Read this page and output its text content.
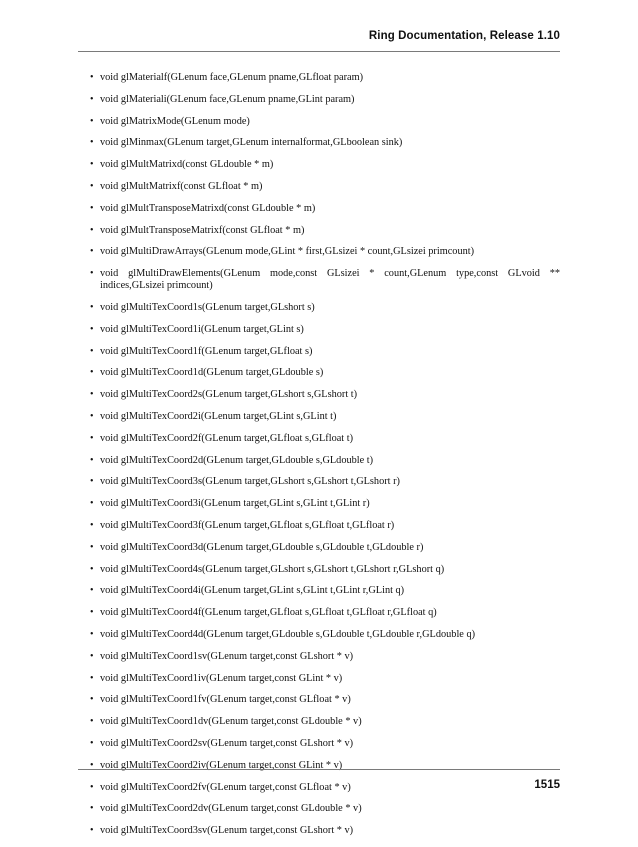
Ring Documentation, Release 1.10
• void glMaterialf(GLenum face,GLenum pname,GLfloat param)
• void glMateriali(GLenum face,GLenum pname,GLint param)
• void glMatrixMode(GLenum mode)
• void glMinmax(GLenum target,GLenum internalformat,GLboolean sink)
• void glMultMatrixd(const GLdouble * m)
• void glMultMatrixf(const GLfloat * m)
• void glMultTransposeMatrixd(const GLdouble * m)
• void glMultTransposeMatrixf(const GLfloat * m)
• void glMultiDrawArrays(GLenum mode,GLint * first,GLsizei * count,GLsizei primcount)
• void glMultiDrawElements(GLenum mode,const GLsizei * count,GLenum type,const GLvoid ** indices,GLsizei primcount)
• void glMultiTexCoord1s(GLenum target,GLshort s)
• void glMultiTexCoord1i(GLenum target,GLint s)
• void glMultiTexCoord1f(GLenum target,GLfloat s)
• void glMultiTexCoord1d(GLenum target,GLdouble s)
• void glMultiTexCoord2s(GLenum target,GLshort s,GLshort t)
• void glMultiTexCoord2i(GLenum target,GLint s,GLint t)
• void glMultiTexCoord2f(GLenum target,GLfloat s,GLfloat t)
• void glMultiTexCoord2d(GLenum target,GLdouble s,GLdouble t)
• void glMultiTexCoord3s(GLenum target,GLshort s,GLshort t,GLshort r)
• void glMultiTexCoord3i(GLenum target,GLint s,GLint t,GLint r)
• void glMultiTexCoord3f(GLenum target,GLfloat s,GLfloat t,GLfloat r)
• void glMultiTexCoord3d(GLenum target,GLdouble s,GLdouble t,GLdouble r)
• void glMultiTexCoord4s(GLenum target,GLshort s,GLshort t,GLshort r,GLshort q)
• void glMultiTexCoord4i(GLenum target,GLint s,GLint t,GLint r,GLint q)
• void glMultiTexCoord4f(GLenum target,GLfloat s,GLfloat t,GLfloat r,GLfloat q)
• void glMultiTexCoord4d(GLenum target,GLdouble s,GLdouble t,GLdouble r,GLdouble q)
• void glMultiTexCoord1sv(GLenum target,const GLshort * v)
• void glMultiTexCoord1iv(GLenum target,const GLint * v)
• void glMultiTexCoord1fv(GLenum target,const GLfloat * v)
• void glMultiTexCoord1dv(GLenum target,const GLdouble * v)
• void glMultiTexCoord2sv(GLenum target,const GLshort * v)
• void glMultiTexCoord2iv(GLenum target,const GLint * v)
• void glMultiTexCoord2fv(GLenum target,const GLfloat * v)
• void glMultiTexCoord2dv(GLenum target,const GLdouble * v)
• void glMultiTexCoord3sv(GLenum target,const GLshort * v)
1515
